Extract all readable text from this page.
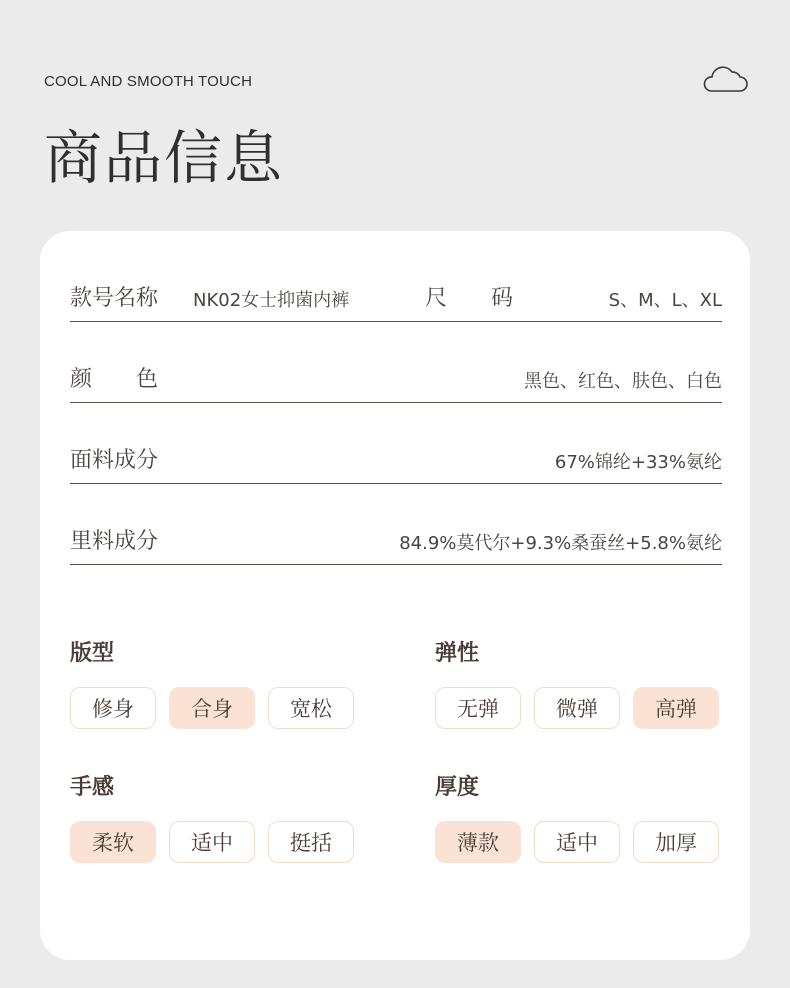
COOL AND SMOOTH TOUCH
商品信息
款号名称 NK02女士抑菌内裤	尺　　码	S、M、L、XL
颜　　色	黑色、红色、肤色、白色
面料成分	67%锦纶+33%氨纶
里料成分	84.9%莫代尔+9.3%桑蚕丝+5.8%氨纶
版型
修身	合身	宽松
弹性
无弹	微弹	高弹
手感
柔软	适中	挺括
厚度
薄款	适中	加厚
